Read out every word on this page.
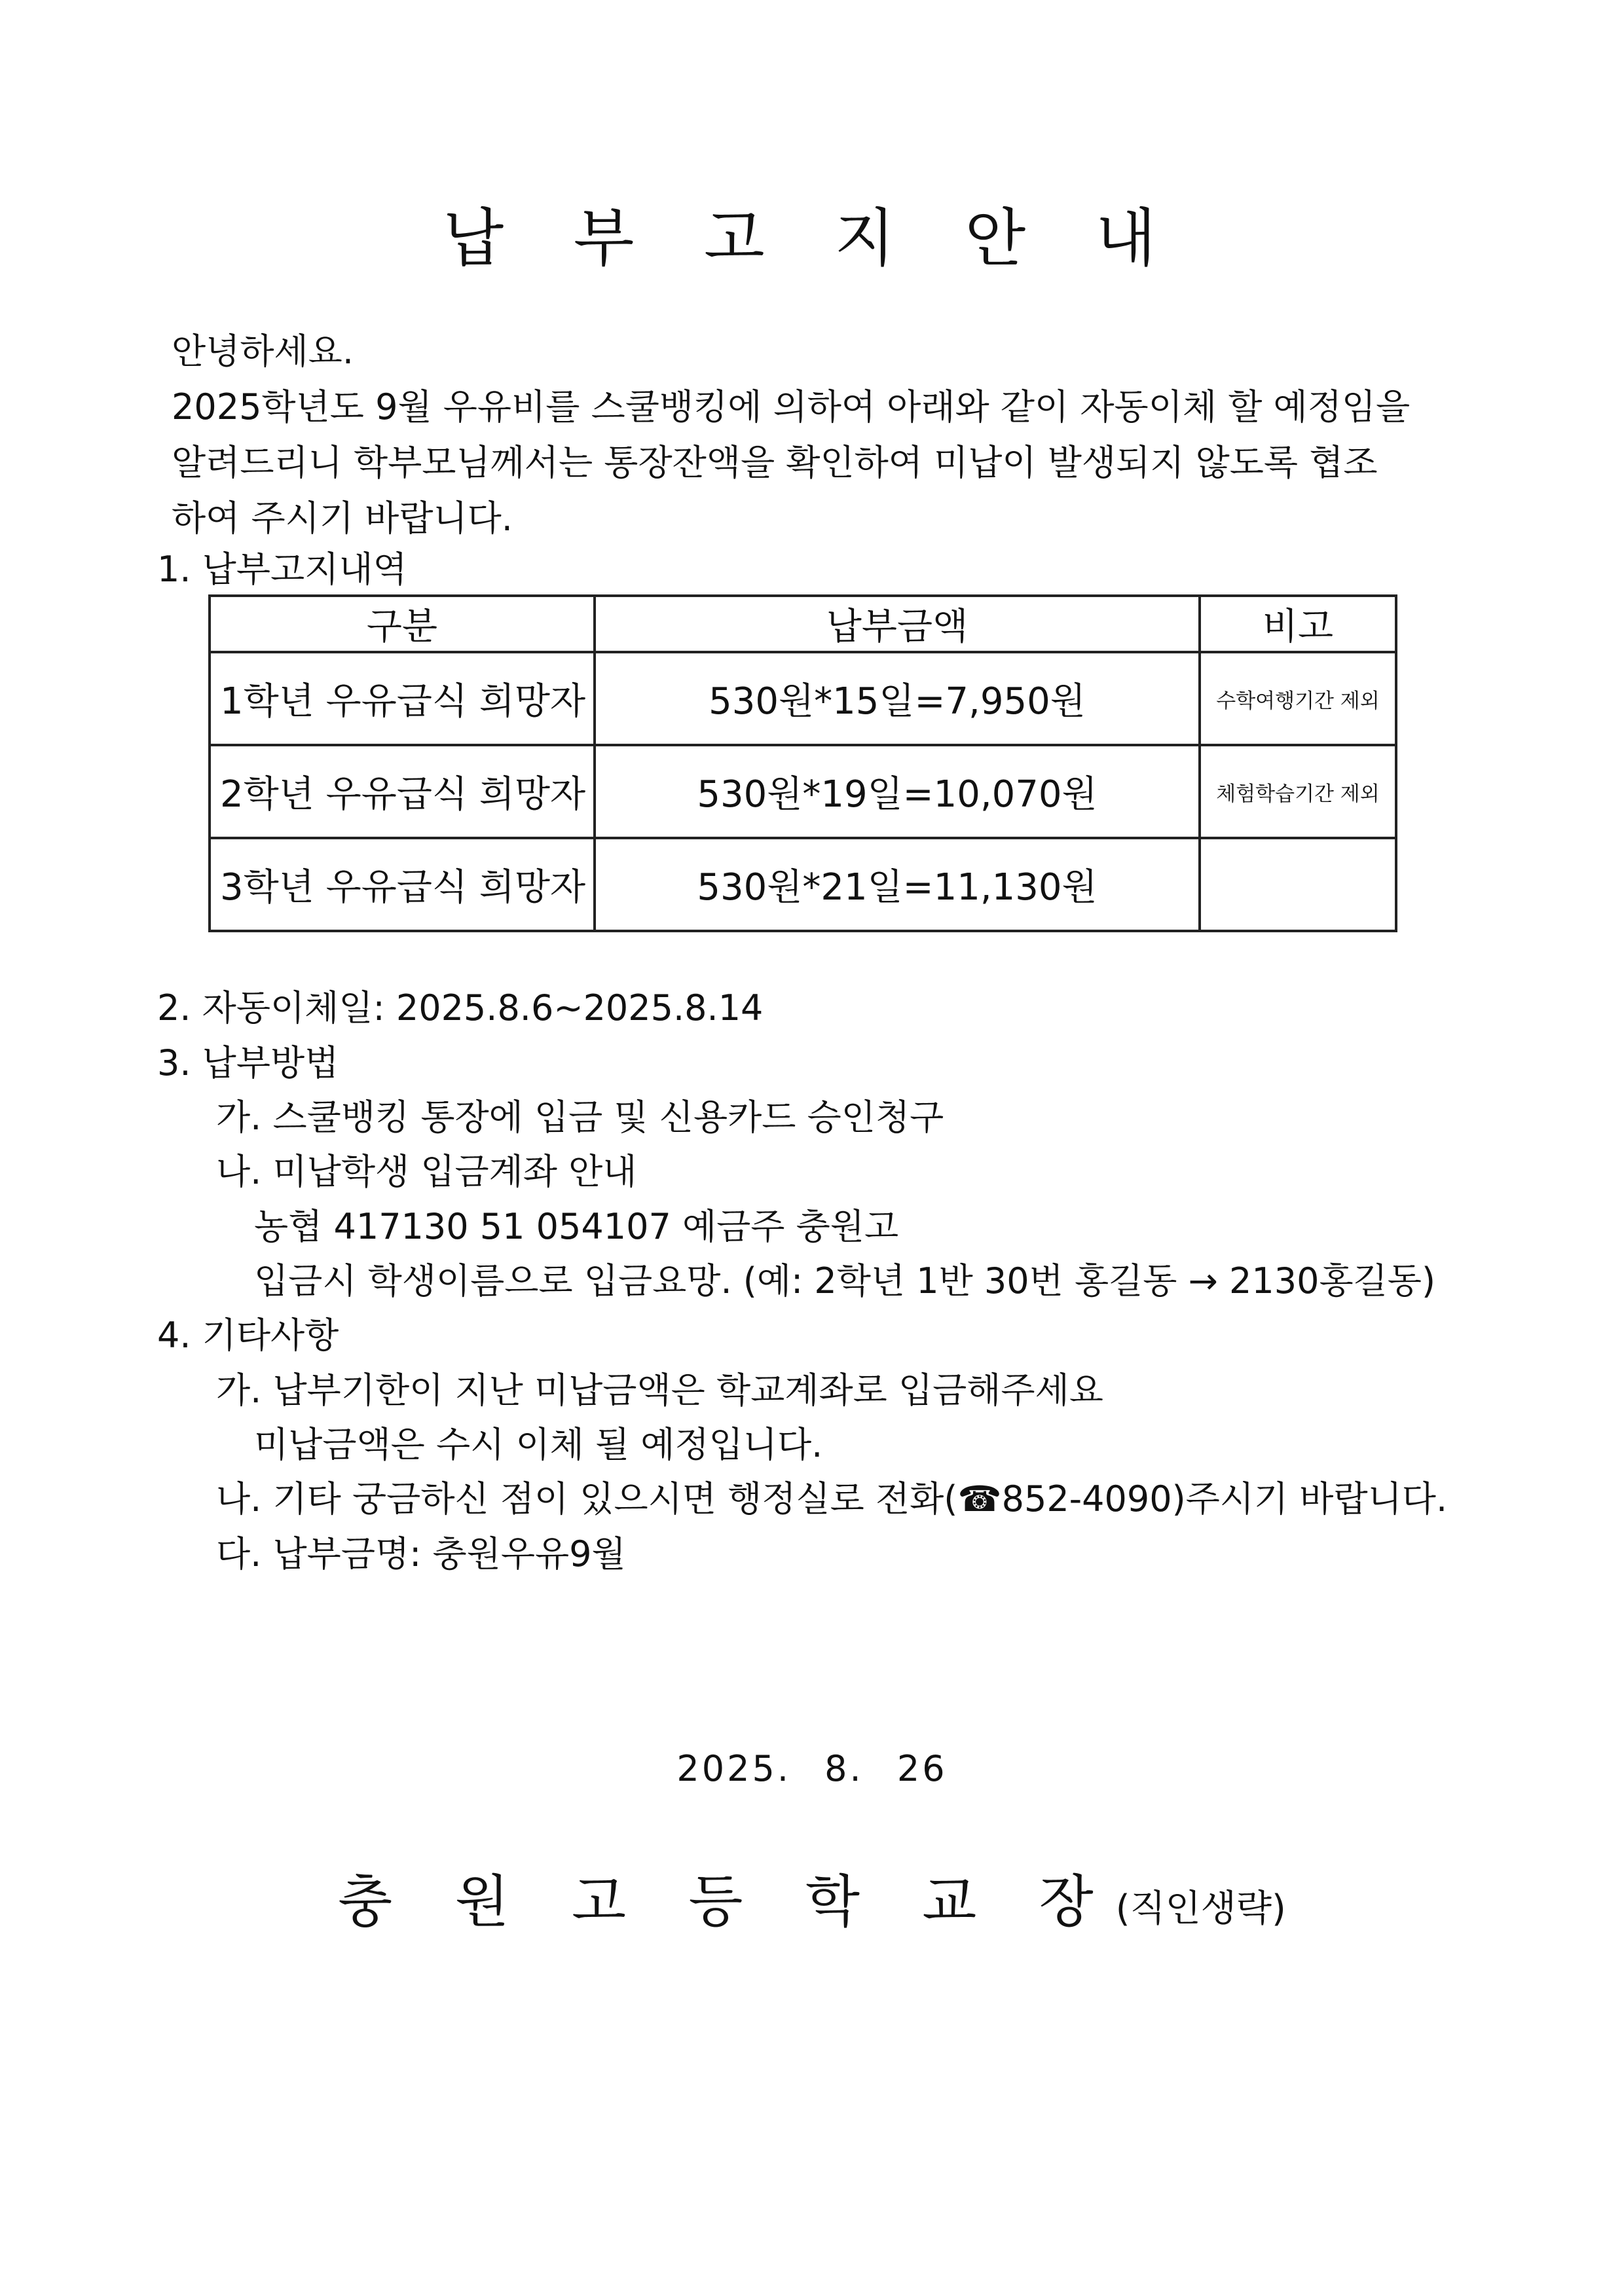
납 부 고 지 안 내
안녕하세요.
2025학년도 9월 우유비를 스쿨뱅킹에 의하여 아래와 같이 자동이체 할 예정임을
알려드리니 학부모님께서는 통장잔액을 확인하여 미납이 발생되지 않도록 협조
하여 주시기 바랍니다.
1. 납부고지내역
구분	납부금액	비고
1학년 우유급식 희망자	530원*15일=7,950원	수학여행기간 제외
2학년 우유급식 희망자	530원*19일=10,070원	체험학습기간 제외
3학년 우유급식 희망자	530원*21일=11,130원	
2. 자동이체일: 2025.8.6~2025.8.14
3. 납부방법
가. 스쿨뱅킹 통장에 입금 및 신용카드 승인청구
나. 미납학생 입금계좌 안내
농협 417130 51 054107 예금주 충원고
입금시 학생이름으로 입금요망. (예: 2학년 1반 30번 홍길동 → 2130홍길동)
4. 기타사항
가. 납부기한이 지난 미납금액은 학교계좌로 입금해주세요
미납금액은 수시 이체 될 예정입니다.
나. 기타 궁금하신 점이 있으시면 행정실로 전화(☎852-4090)주시기 바랍니다.
다. 납부금명: 충원우유9월
2025. 8. 26
충 원 고 등 학 교 장(직인생략)
